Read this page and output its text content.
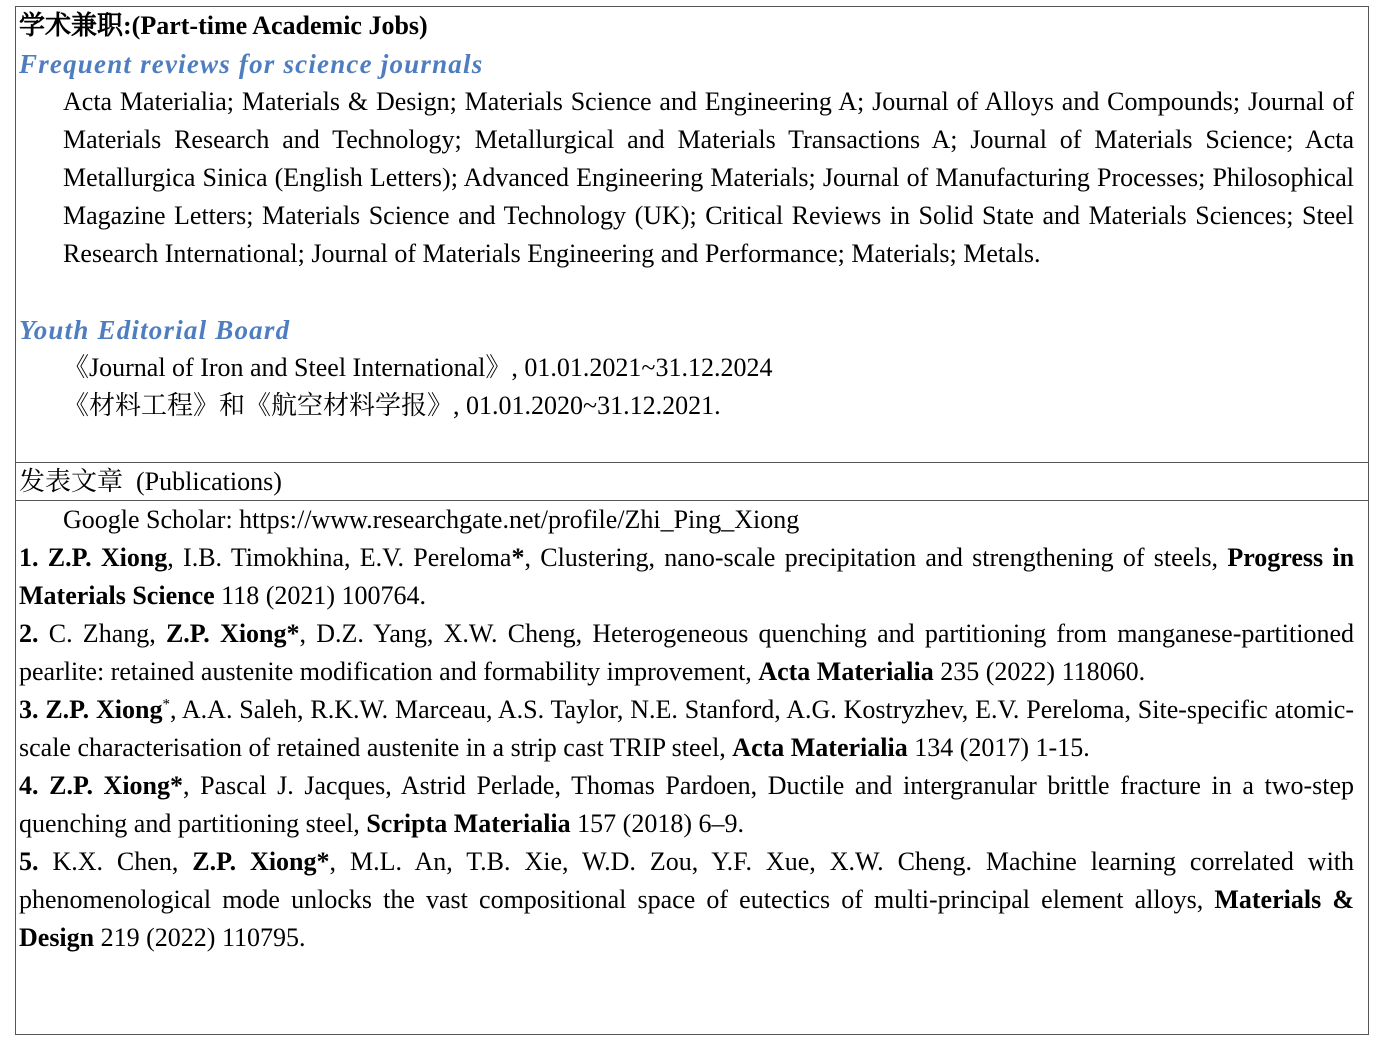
学术兼职:(Part-time Academic Jobs)
Frequent reviews for science journals
Acta Materialia; Materials & Design; Materials Science and Engineering A; Journal of Alloys and Compounds; Journal of Materials Research and Technology; Metallurgical and Materials Transactions A; Journal of Materials Science; Acta Metallurgica Sinica (English Letters); Advanced Engineering Materials; Journal of Manufacturing Processes; Philosophical Magazine Letters; Materials Science and Technology (UK); Critical Reviews in Solid State and Materials Sciences; Steel Research International; Journal of Materials Engineering and Performance; Materials; Metals.
Youth Editorial Board
《Journal of Iron and Steel International》, 01.01.2021~31.12.2024
《材料工程》和《航空材料学报》, 01.01.2020~31.12.2021.
发表文章  (Publications)
Google Scholar: https://www.researchgate.net/profile/Zhi_Ping_Xiong
1. Z.P. Xiong, I.B. Timokhina, E.V. Pereloma*, Clustering, nano-scale precipitation and strengthening of steels, Progress in Materials Science 118 (2021) 100764.
2. C. Zhang, Z.P. Xiong*, D.Z. Yang, X.W. Cheng, Heterogeneous quenching and partitioning from manganese-partitioned pearlite: retained austenite modification and formability improvement, Acta Materialia 235 (2022) 118060.
3. Z.P. Xiong*, A.A. Saleh, R.K.W. Marceau, A.S. Taylor, N.E. Stanford, A.G. Kostryzhev, E.V. Pereloma, Site-specific atomic-scale characterisation of retained austenite in a strip cast TRIP steel, Acta Materialia 134 (2017) 1-15.
4. Z.P. Xiong*, Pascal J. Jacques, Astrid Perlade, Thomas Pardoen, Ductile and intergranular brittle fracture in a two-step quenching and partitioning steel, Scripta Materialia 157 (2018) 6–9.
5. K.X. Chen, Z.P. Xiong*, M.L. An, T.B. Xie, W.D. Zou, Y.F. Xue, X.W. Cheng. Machine learning correlated with phenomenological mode unlocks the vast compositional space of eutectics of multi-principal element alloys, Materials & Design 219 (2022) 110795.
